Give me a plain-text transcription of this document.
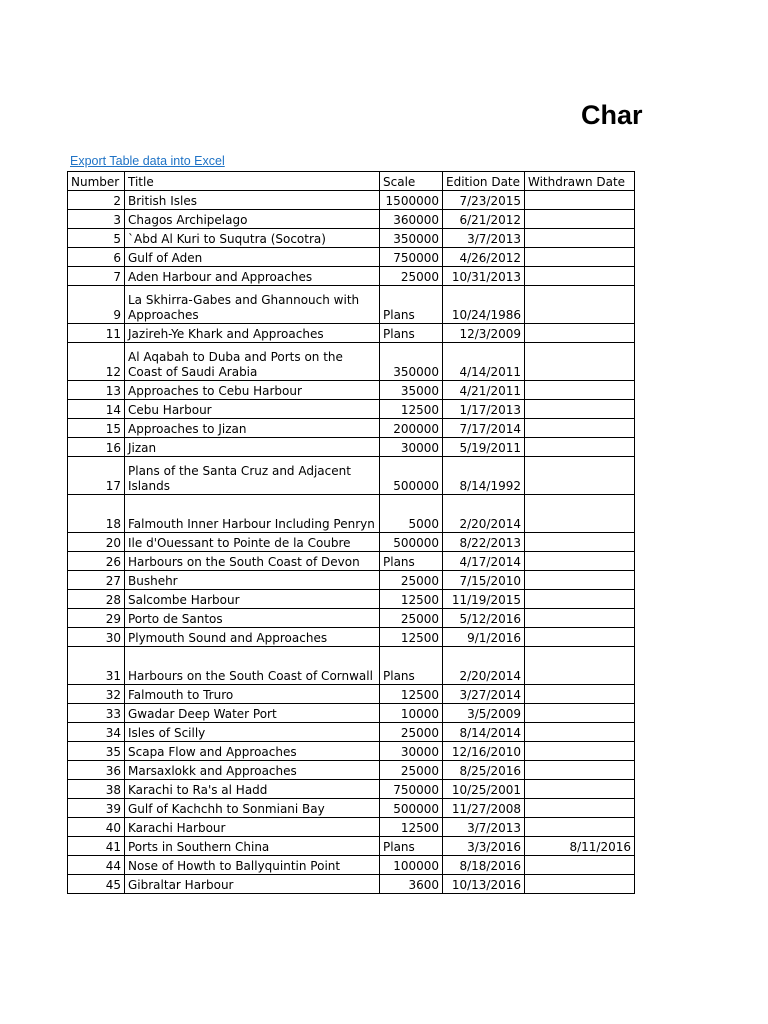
Char
Export Table data into Excel
Number	Title	Scale	Edition Date	Withdrawn Date
2	British Isles	1500000	7/23/2015	
3	Chagos Archipelago	360000	6/21/2012	
5	`Abd Al Kuri to Suqutra (Socotra)	350000	3/7/2013	
6	Gulf of Aden	750000	4/26/2012	
7	Aden Harbour and Approaches	25000	10/31/2013	
9	La Skhirra-Gabes and Ghannouch with Approaches	Plans	10/24/1986	
11	Jazireh-Ye Khark and Approaches	Plans	12/3/2009	
12	Al Aqabah to Duba and Ports on the Coast of Saudi Arabia	350000	4/14/2011	
13	Approaches to Cebu Harbour	35000	4/21/2011	
14	Cebu Harbour	12500	1/17/2013	
15	Approaches to Jizan	200000	7/17/2014	
16	Jizan	30000	5/19/2011	
17	Plans of the Santa Cruz and Adjacent Islands	500000	8/14/1992	
18	Falmouth Inner Harbour Including Penryn	5000	2/20/2014	
20	Ile d'Ouessant to Pointe de la Coubre	500000	8/22/2013	
26	Harbours on the South Coast of Devon	Plans	4/17/2014	
27	Bushehr	25000	7/15/2010	
28	Salcombe Harbour	12500	11/19/2015	
29	Porto de Santos	25000	5/12/2016	
30	Plymouth Sound and Approaches	12500	9/1/2016	
31	Harbours on the South Coast of Cornwall	Plans	2/20/2014	
32	Falmouth to Truro	12500	3/27/2014	
33	Gwadar Deep Water Port	10000	3/5/2009	
34	Isles of Scilly	25000	8/14/2014	
35	Scapa Flow and Approaches	30000	12/16/2010	
36	Marsaxlokk and Approaches	25000	8/25/2016	
38	Karachi to Ra's al Hadd	750000	10/25/2001	
39	Gulf of Kachchh to Sonmiani Bay	500000	11/27/2008	
40	Karachi Harbour	12500	3/7/2013	
41	Ports in Southern China	Plans	3/3/2016	8/11/2016
44	Nose of Howth to Ballyquintin Point	100000	8/18/2016	
45	Gibraltar Harbour	3600	10/13/2016	
